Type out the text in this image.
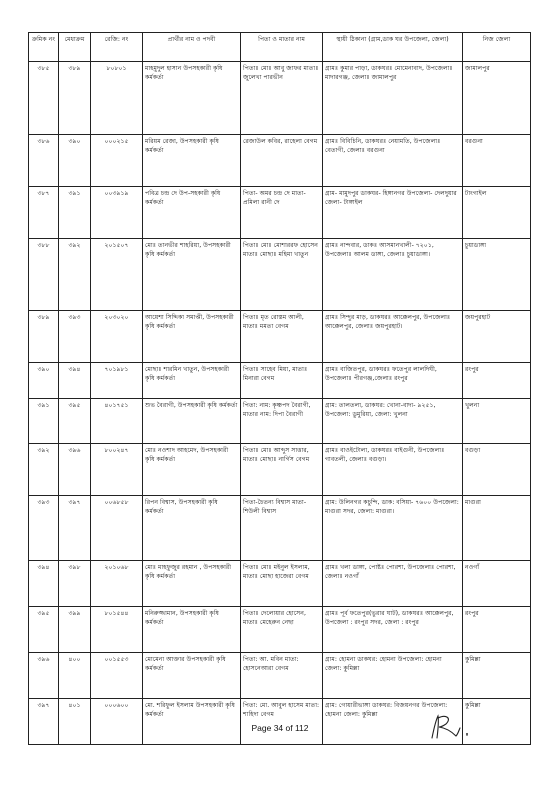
ক্রমিক নং	মেধাক্রম	রেজি: নং	প্রার্থীর নাম ও পদবী	পিতা ও মাতার নাম	স্থায়ী ঠিকানা (গ্রাম,ডাক ঘর উপজেলা, জেলা)	নিজ জেলা
৩৮৫	৩৮৯	৮০৮০১	মাহমুদুল হাসান উপসহকারী কৃষি কর্মকর্তা	পিতাঃ মোঃ আবু জাফর মাতাঃ জুলেখা পারভীন	গ্রামঃ কুমার পাড়া, ডাকঘরঃ মোমেনাবাদ, উপজেলাঃ মাদারগঞ্জ, জেলাঃ জামালপুর	জামালপুর
৩৮৬	৩৯০	০০০২১৫	মরিয়ম রেজা, উপসহকারী কৃষি কর্মকর্তা	রেজাউল কবির, রাহেলা বেগম	গ্রামঃ বিবিচিনি, ডাকঘরঃ নেয়ামতি, উপজেলাঃ বেতাগী, জেলাঃ বরগুনা	বরগুনা
৩৮৭	৩৯১	০০৩৯১৯	পবিত্র চন্দ্র দে উপ-সহকারী কৃষি কর্মকর্তা	পিতা- অমর চন্দ্র দে মাতা- প্রমিলা রানী দে	গ্রাম- মামুদপুর ডাকঘর- হিঙ্গানগর উপজেলা- দেলদুয়ার জেলা- টাঙ্গাইল	টাংগাইল
৩৮৮	৩৯২	২০১৫০৭	মোঃ তানভীর শাহরিয়া, উপসহকারী কৃষি কর্মকর্তা	পিতাঃ মোঃ মোশাররফ হোসেন মাতাঃ মোছাঃ মহিমা খাতুন	গ্রামঃ নান্দবার, ডাকঃ আসমানখালী- ৭২০১, উপজেলাঃ আলম ডাঙ্গা, জেলাঃ চুয়াডাঙ্গা।	চুয়াডাঙ্গা
৩৮৯	৩৯৩	২০৩০২০	আয়েশা সিদ্দিকা সমাপ্তী, উপসহকারী কৃষি কর্মকর্তা	পিতাঃ মৃত রোস্তম আলী, মাতাঃ মমতা বেগম	গ্রামঃ সিন্দুর মাড়, ডাকঘরঃ আক্কেলপুর, উপজেলাঃ আক্কেলপুর, জেলাঃ জয়পুরহাট।	জয়পুরহাট
৩৯০	৩৯৪	৭০১৯৮১	মোছাঃ শারমিন খাতুন, উপসহকারী কৃষি কর্মকর্তা	পিতাঃ সাহেব মিয়া, মাতাঃ মিনারা বেগম	গ্রামঃ বাজিতপুর, ডাকঘরঃ ফতেপুর লালদিঘী, উপজেলাঃ পীরগঞ্জ,জেলাঃ রংপুর	রংপুর
৩৯১	৩৯৫	৪০১৭৫১	শুভ বৈরাগী, উপসহকারী কৃষি কর্মকর্তা	পিতা: নাম: কৃষ্ণপদ বৈরাগী, মাতার নাম: দিপা বৈরাগী	গ্রাম: তালতলা, ডাকঘর: খোনা-বাদ্য- ৯২৫১, উপজেলা: ডুমুরিয়া, জেলা: খুলনা	খুলনা
৩৯২	৩৯৬	৮০০২৪৭	মোঃ নওশাদ আহমেদ, উপসহকারী কৃষি কর্মকর্তা	পিতাঃ মোঃ আব্দুস সাত্তার, মাতাঃ মোছাঃ নার্গিস বেগম	গ্রামঃ বাওইটোলা, ডাকঘরঃ বাইগুনী, উপজেলাঃ গাবতলী, জেলাঃ বগুড়া।	বগুড়া
৩৯৩	৩৯৭	০০৬৮৫৮	রিপন বিশ্বাস, উপসহকারী কৃষি কর্মকর্তা	পিতা-চৈতন্য বিশ্বাস মাতা-শিউলী বিশ্বাস	গ্রাম: উলিনগর কচুন্দি, ডাক: বসিয়া- ৭৬০০ উপজেলা: মাগুরা সদর, জেলা: মাগুরা।	মাগুরা
৩৯৪	৩৯৮	২০১০৬৮	মোঃ মাহফুজুর রহমান , উপসহকারী কৃষি কর্মকর্তা	পিতাঃ মোঃ মইনুল ইসলাম, মাতাঃ মোছা হাজেরা বেগম	গ্রামঃ খলা ডাঙ্গা, পোষ্টঃ পোরশা, উপজেলাঃ পোরশা, জেলাঃ নওগাঁ	নওগাঁ
৩৯৫	৩৯৯	৮০১৫৪৪	মনিরুজ্জামান, উপসহকারী কৃষি কর্মকর্তা	পিতাঃ দেলোয়ার হোসেন, মাতাঃ মেহেরুন নেছা	গ্রামঃ পূর্ব ফতেপুর(ভুরার ঘাট), ডাকঘরঃ আক্কেলপুর, উপজেলা : রংপুর সদর, জেলা : রংপুর	রংপুর
৩৯৬	৪০০	০০১৫৫৩	মোমেনা আক্তার উপসহকারী কৃষি কর্মকর্তা	পিতা: আ. মবিন মাতা: হোসনেআরা বেগম	গ্রাম: হোমনা ডাকঘর: হোমনা উপজেলা: হোমনা জেলা: কুমিল্লা	কুমিল্লা
৩৯৭	৪০১	০০০৬০০	মো. শরিফুল ইসলাম উপসহকারী কৃষি কর্মকর্তা	পিতা: মো. আবুল হাসেম মাতা: শাহিদা বেগম	গ্রাম: গোয়ারীভাঙ্গা ডাকঘর: বিজয়নগর উপজেলা: হোমনা জেলা: কুমিল্লা	কুমিল্লা
Page 34 of 112
